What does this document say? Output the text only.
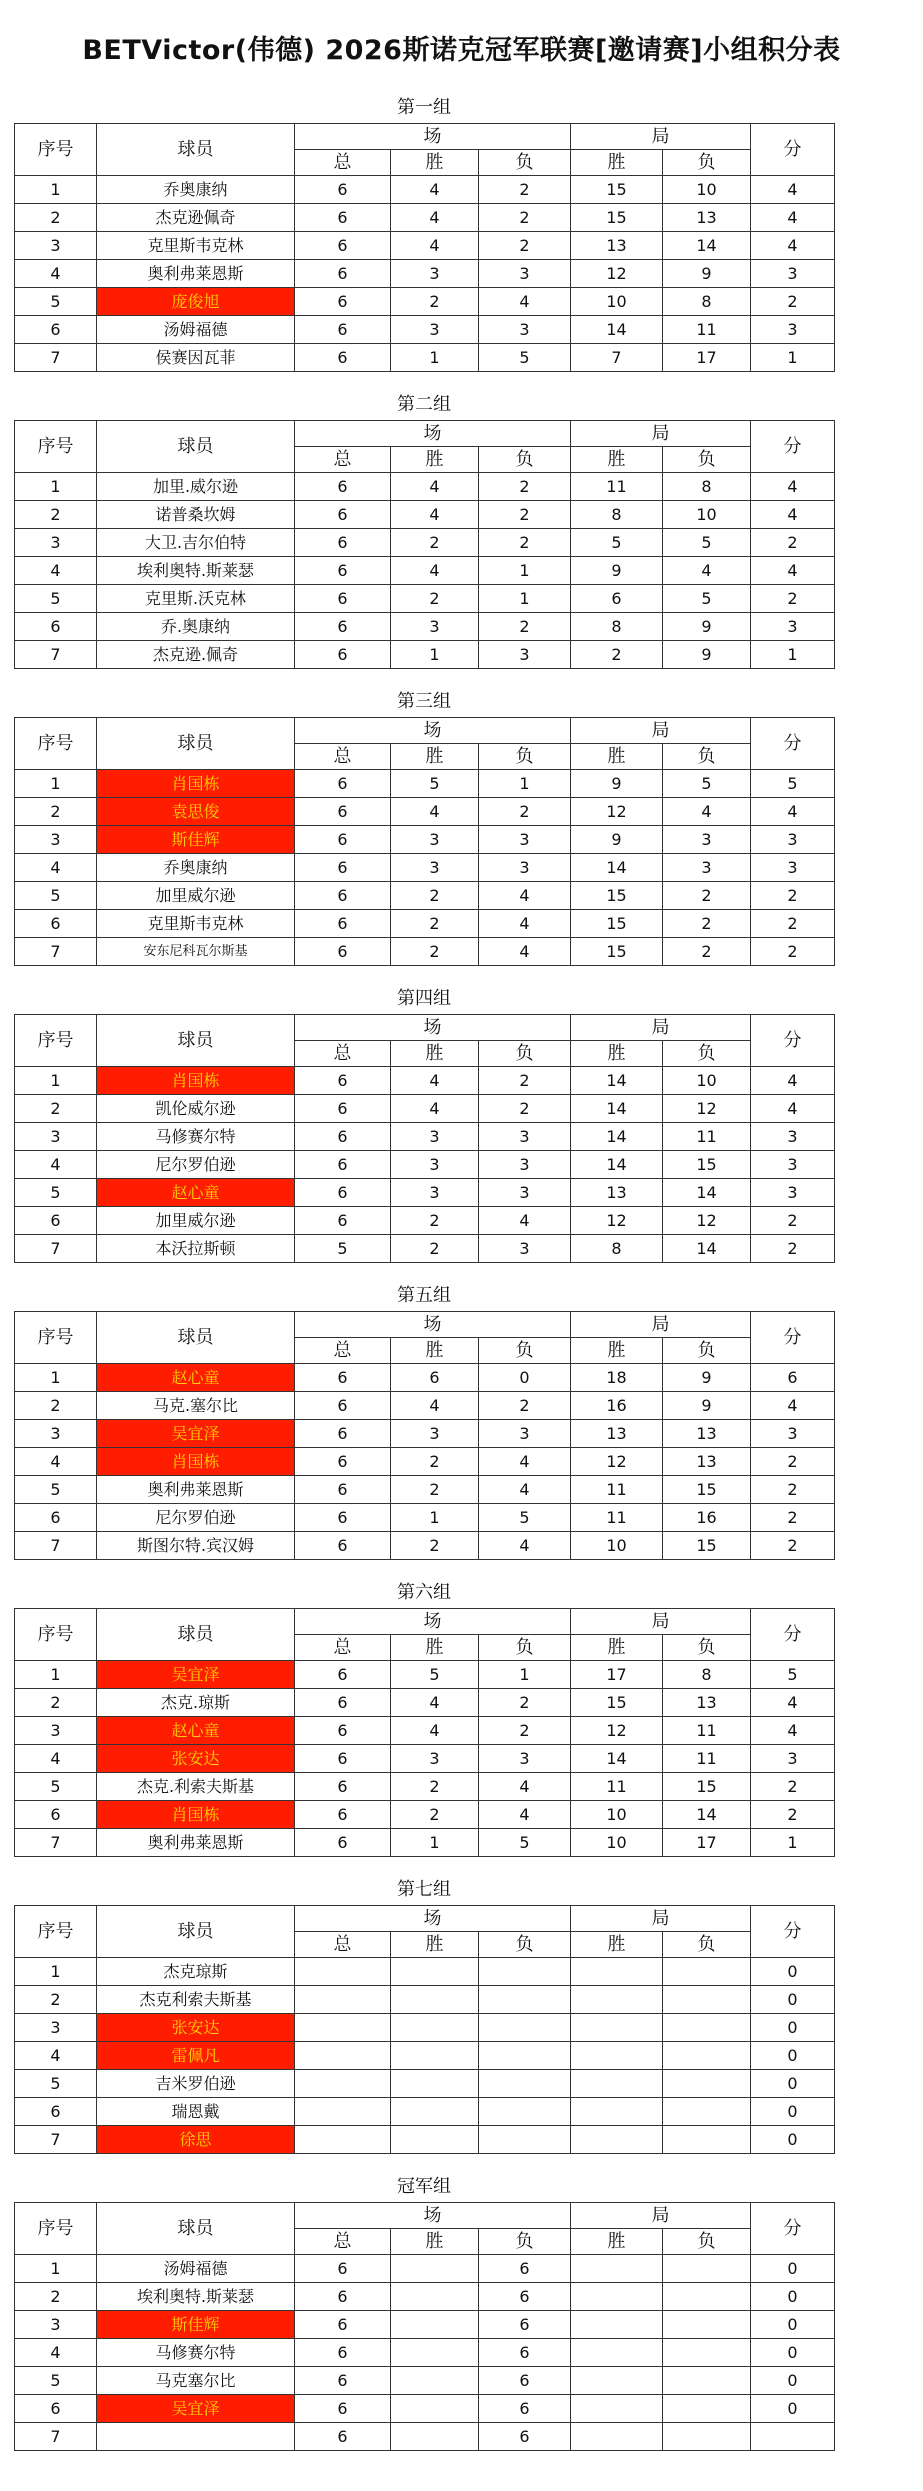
BETVictor(伟德) 2026斯诺克冠军联赛[邀请赛]小组积分表
第一组
序号	球员	场			局		分
		总	胜	负	胜	负	
1	乔奥康纳	6	4	2	15	10	4
2	杰克逊佩奇	6	4	2	15	13	4
3	克里斯韦克林	6	4	2	13	14	4
4	奥利弗莱恩斯	6	3	3	12	9	3
5	庞俊旭	6	2	4	10	8	2
6	汤姆福德	6	3	3	14	11	3
7	侯赛因瓦菲	6	1	5	7	17	1
第二组
序号	球员	场			局		分
		总	胜	负	胜	负	
1	加里.威尔逊	6	4	2	11	8	4
2	诺普桑坎姆	6	4	2	8	10	4
3	大卫.吉尔伯特	6	2	2	5	5	2
4	埃利奥特.斯莱瑟	6	4	1	9	4	4
5	克里斯.沃克林	6	2	1	6	5	2
6	乔.奥康纳	6	3	2	8	9	3
7	杰克逊.佩奇	6	1	3	2	9	1
第三组
序号	球员	场			局		分
		总	胜	负	胜	负	
1	肖国栋	6	5	1	9	5	5
2	袁思俊	6	4	2	12	4	4
3	斯佳辉	6	3	3	9	3	3
4	乔奥康纳	6	3	3	14	3	3
5	加里威尔逊	6	2	4	15	2	2
6	克里斯韦克林	6	2	4	15	2	2
7	安东尼科瓦尔斯基	6	2	4	15	2	2
第四组
序号	球员	场			局		分
		总	胜	负	胜	负	
1	肖国栋	6	4	2	14	10	4
2	凯伦威尔逊	6	4	2	14	12	4
3	马修赛尔特	6	3	3	14	11	3
4	尼尔罗伯逊	6	3	3	14	15	3
5	赵心童	6	3	3	13	14	3
6	加里威尔逊	6	2	4	12	12	2
7	本沃拉斯顿	5	2	3	8	14	2
第五组
序号	球员	场			局		分
		总	胜	负	胜	负	
1	赵心童	6	6	0	18	9	6
2	马克.塞尔比	6	4	2	16	9	4
3	吴宜泽	6	3	3	13	13	3
4	肖国栋	6	2	4	12	13	2
5	奥利弗莱恩斯	6	2	4	11	15	2
6	尼尔罗伯逊	6	1	5	11	16	2
7	斯图尔特.宾汉姆	6	2	4	10	15	2
第六组
序号	球员	场			局		分
		总	胜	负	胜	负	
1	吴宜泽	6	5	1	17	8	5
2	杰克.琼斯	6	4	2	15	13	4
3	赵心童	6	4	2	12	11	4
4	张安达	6	3	3	14	11	3
5	杰克.利索夫斯基	6	2	4	11	15	2
6	肖国栋	6	2	4	10	14	2
7	奥利弗莱恩斯	6	1	5	10	17	1
第七组
序号	球员	场			局		分
		总	胜	负	胜	负	
1	杰克琼斯						0
2	杰克利索夫斯基						0
3	张安达						0
4	雷佩凡						0
5	吉米罗伯逊						0
6	瑞恩戴						0
7	徐思						0
冠军组
序号	球员	场			局		分
		总	胜	负	胜	负	
1	汤姆福德	6		6			0
2	埃利奥特.斯莱瑟	6		6			0
3	斯佳辉	6		6			0
4	马修赛尔特	6		6			0
5	马克塞尔比	6		6			0
6	吴宜泽	6		6			0
7		6		6			
